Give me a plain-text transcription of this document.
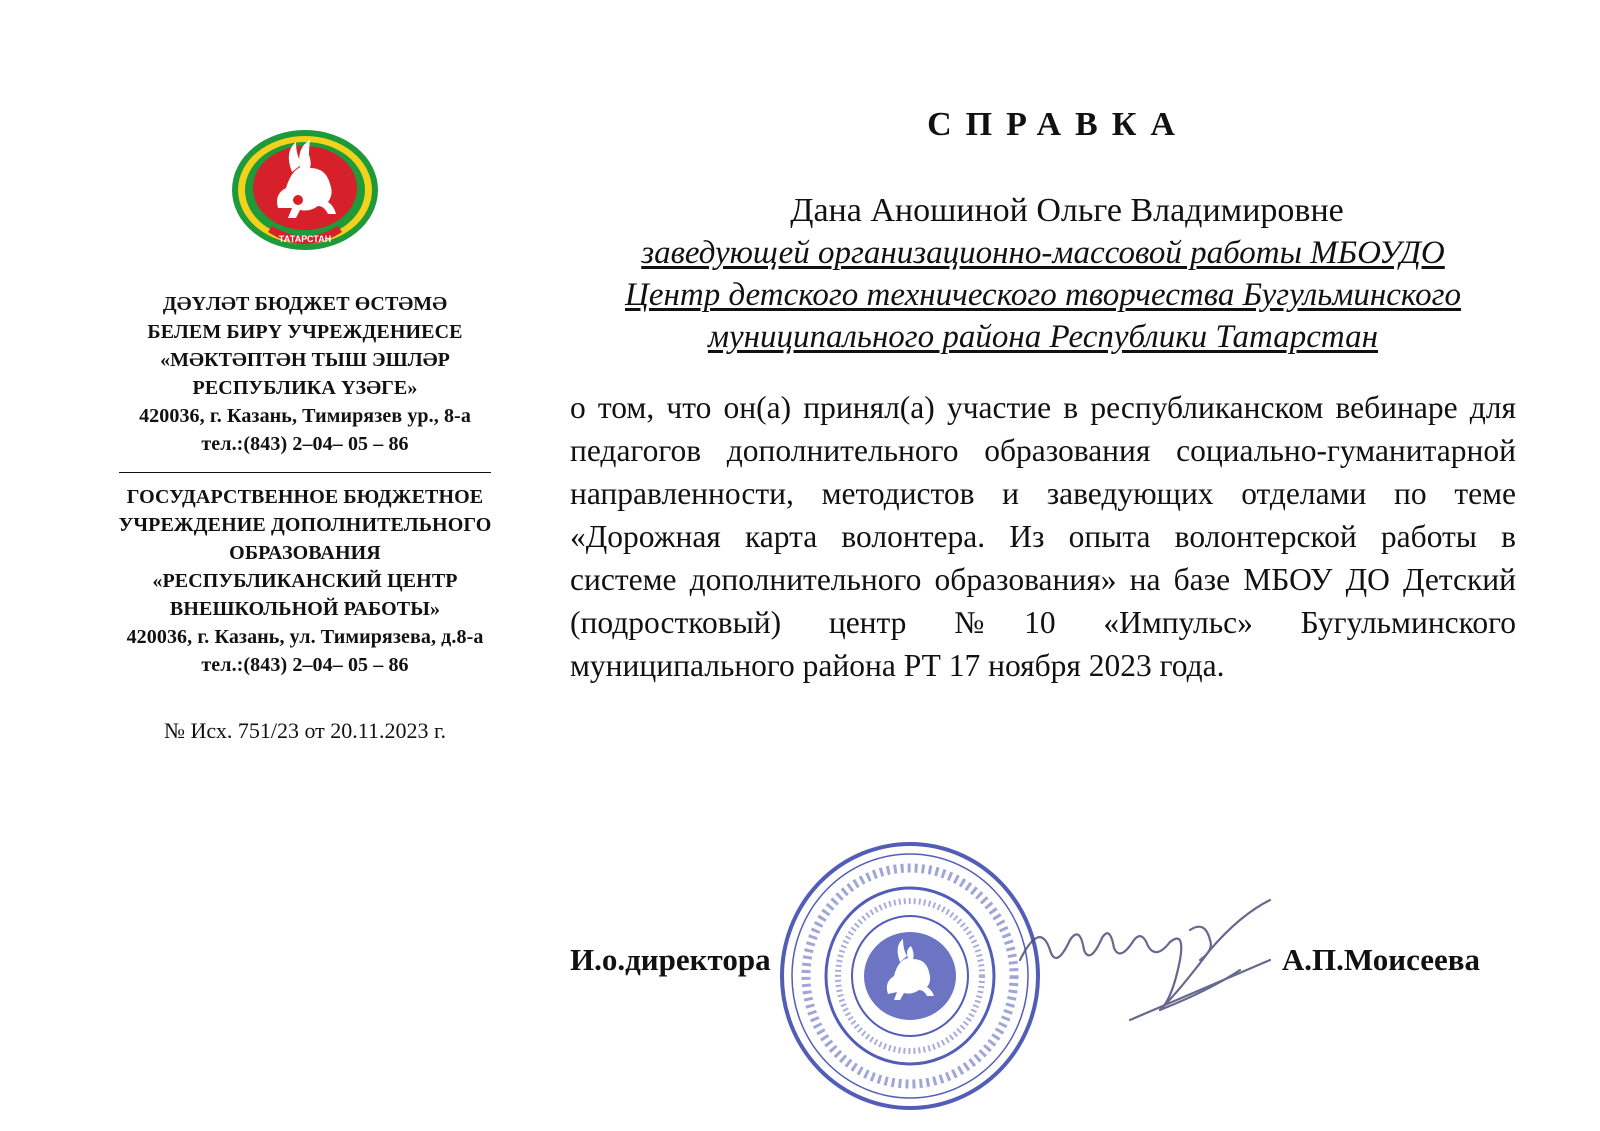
ТАТАРСТАН
ДӘҮЛӘТ БЮДЖЕТ ӨСТӘМӘ
БЕЛЕМ БИРҮ УЧРЕЖДЕНИЕСЕ
«МӘКТӘПТӘН ТЫШ ЭШЛӘР
РЕСПУБЛИКА ҮЗӘГЕ»
420036, г. Казань, Тимирязев ур., 8-а
тел.:(843) 2–04– 05 – 86
ГОСУДАРСТВЕННОЕ БЮДЖЕТНОЕ
УЧРЕЖДЕНИЕ ДОПОЛНИТЕЛЬНОГО
ОБРАЗОВАНИЯ
«РЕСПУБЛИКАНСКИЙ ЦЕНТР
ВНЕШКОЛЬНОЙ РАБОТЫ»
420036, г. Казань, ул. Тимирязева, д.8-а
тел.:(843) 2–04– 05 – 86
№ Исх. 751/23 от 20.11.2023 г.
СПРАВКА
Дана Аношиной Ольге Владимировне
заведующей организационно-массовой работы МБОУДО Центр детского технического творчества Бугульминского муниципального района Республики Татарстан
о том, что он(а) принял(а) участие в республиканском вебинаре для педагогов дополнительного образования социально-гуманитарной направленности, методистов и заведующих отделами по теме «Дорожная карта волонтера. Из опыта волонтерской работы в системе дополнительного образования» на базе МБОУ ДО Детский (подростковый) центр №10 «Импульс» Бугульминского муниципального района РТ 17 ноября 2023 года.
И.о.директора	А.П.Моисеева
